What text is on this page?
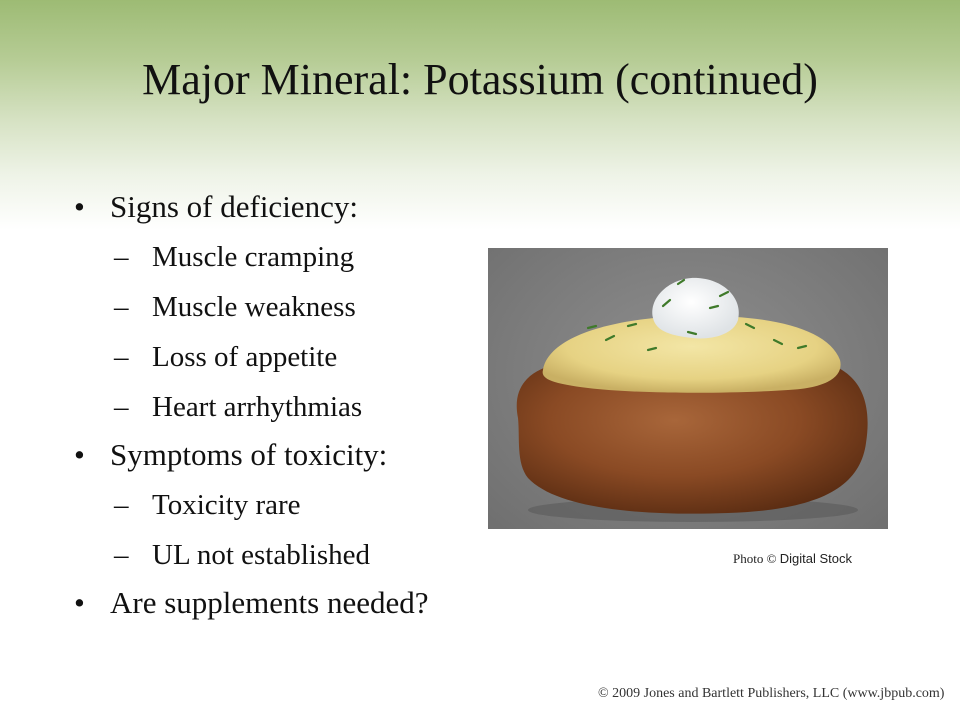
Major Mineral: Potassium (continued)
• Signs of deficiency:
– Muscle cramping
– Muscle weakness
– Loss of appetite
– Heart arrhythmias
• Symptoms of toxicity:
– Toxicity rare
– UL not established
• Are supplements needed?
Photo © Digital Stock
© 2009 Jones and Bartlett Publishers, LLC (www.jbpub.com)
